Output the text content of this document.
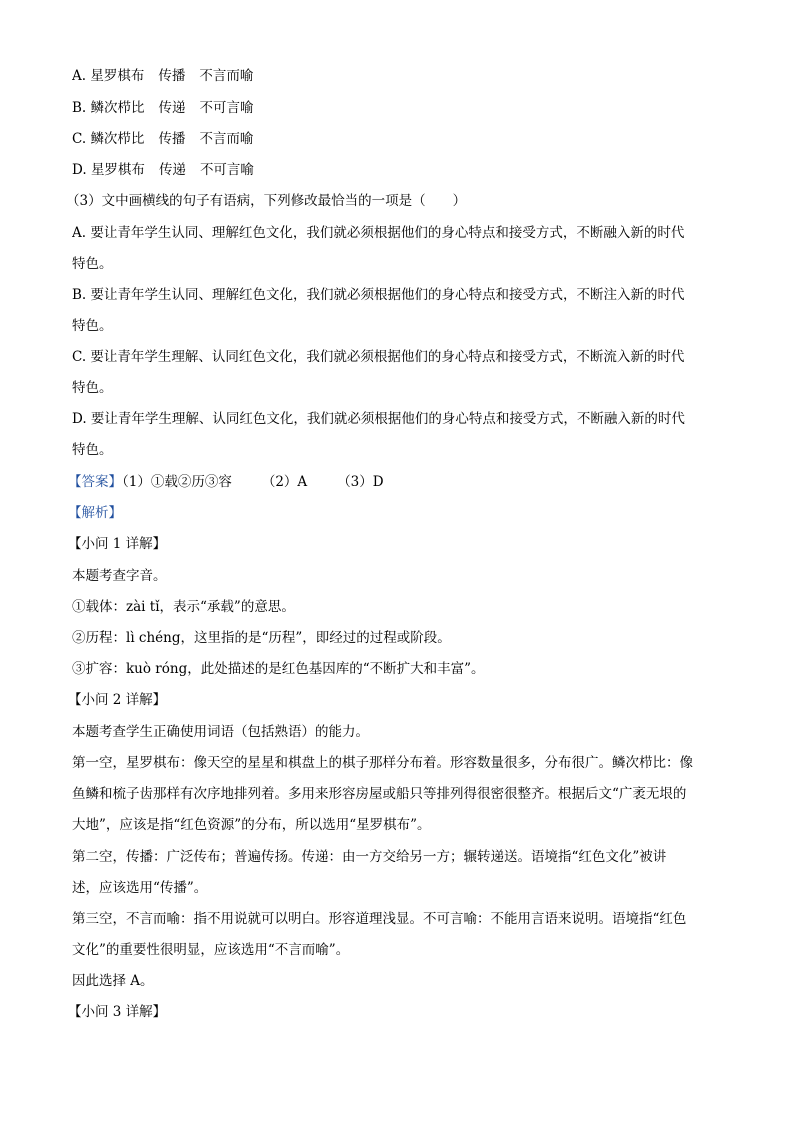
A. 星罗棋布 传播 不言而喻
B. 鳞次栉比 传递 不可言喻
C. 鳞次栉比 传播 不言而喻
D. 星罗棋布 传递 不可言喻
（3）文中画横线的句子有语病，下列修改最恰当的一项是（　　）
A. 要让青年学生认同、理解红色文化，我们就必须根据他们的身心特点和接受方式，不断融入新的时代
特色。
B. 要让青年学生认同、理解红色文化，我们就必须根据他们的身心特点和接受方式，不断注入新的时代
特色。
C. 要让青年学生理解、认同红色文化，我们就必须根据他们的身心特点和接受方式，不断流入新的时代
特色。
D. 要让青年学生理解、认同红色文化，我们就必须根据他们的身心特点和接受方式，不断融入新的时代
特色。
【答案】（1）①载②历③容 （2）A （3）D
【解析】
【小问 1 详解】
本题考查字音。
①载体：zài tǐ，表示“承载”的意思。
②历程：lì chéng，这里指的是“历程”，即经过的过程或阶段。
③扩容：kuò róng，此处描述的是红色基因库的“不断扩大和丰富”。
【小问 2 详解】
本题考查学生正确使用词语（包括熟语）的能力。
第一空，星罗棋布：像天空的星星和棋盘上的棋子那样分布着。形容数量很多，分布很广。鳞次栉比：像
鱼鳞和梳子齿那样有次序地排列着。多用来形容房屋或船只等排列得很密很整齐。根据后文“广袤无垠的
大地”，应该是指“红色资源”的分布，所以选用“星罗棋布”。
第二空，传播：广泛传布；普遍传扬。传递：由一方交给另一方；辗转递送。语境指“红色文化”被讲
述，应该选用“传播”。
第三空，不言而喻：指不用说就可以明白。形容道理浅显。不可言喻：不能用言语来说明。语境指“红色
文化”的重要性很明显，应该选用“不言而喻”。
因此选择 A。
【小问 3 详解】
